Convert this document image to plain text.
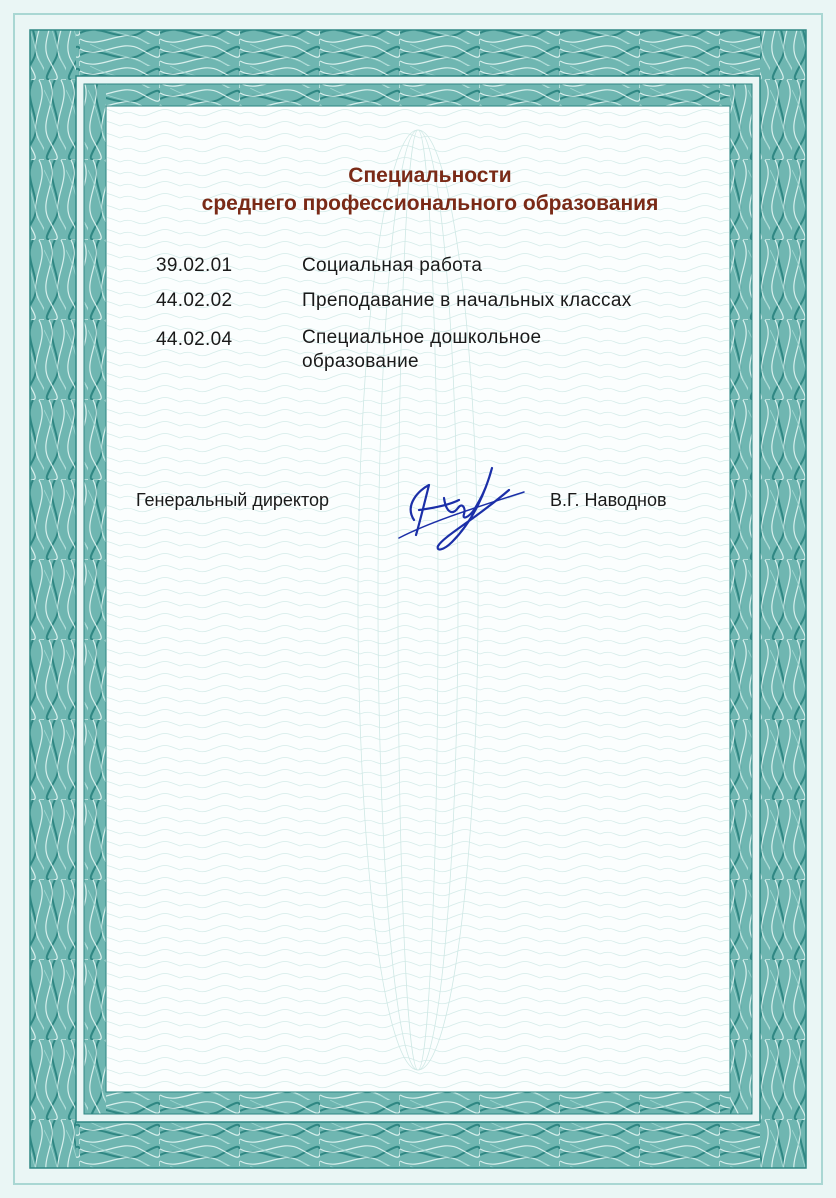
Специальности
среднего профессионального образования
39.02.01	Социальная работа
44.02.02	Преподавание в начальных классах
44.02.04	Специальное дошкольное образование
Генеральный директор	В.Г. Наводнов
